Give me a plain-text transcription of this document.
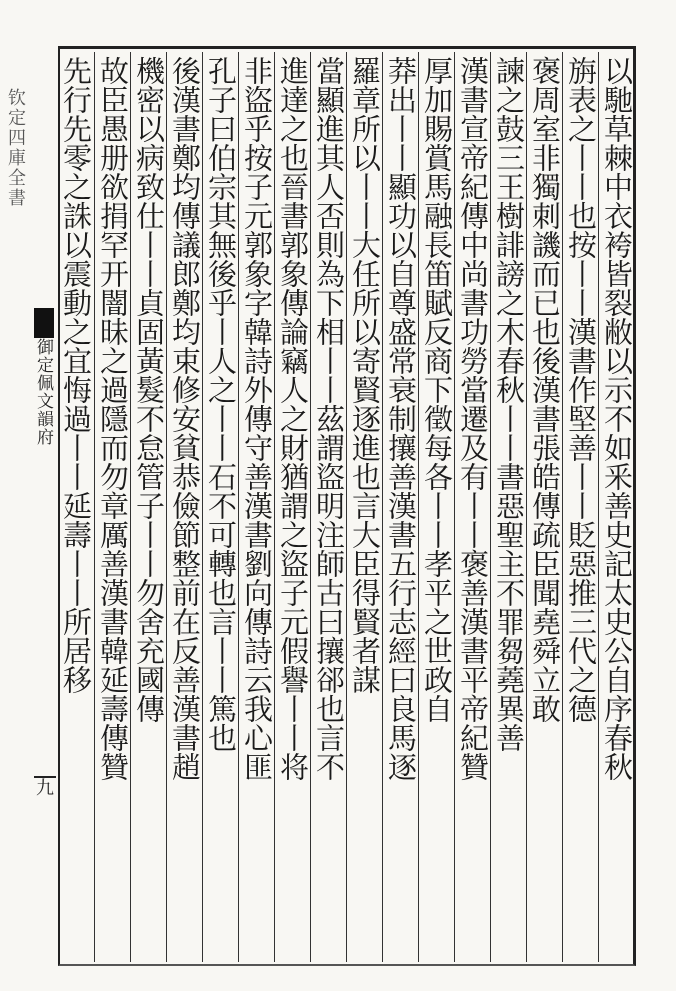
钦定四庫全書
御定佩文韻府
九
以馳草棘中衣袴皆裂敝以示不如釆善史記太史公自序春秋
旃表之丨丨也按丨丨漢書作堅善丨丨貶惡推三代之德
褒周室非獨刺譏而已也後漢書張皓傳疏臣聞堯舜立敢
諫之鼓三王樹誹謗之木春秋丨丨書惡聖主不罪芻蕘異善
漢書宣帝紀傳中尚書功勞當遷及有丨丨褒善漢書平帝紀贊
厚加賜賞馬融長笛賦反商下徵每各丨丨孝平之世政自
莽出丨丨顯功以自尊盛常衰制攘善漢書五行志經曰良馬逐
羅章所以丨丨大任所以寄賢逐進也言大臣得賢者謀
當顯進其人否則為下相丨丨茲謂盜明注師古曰攘郤也言不
進達之也晉書郭象傳論竊人之財猶謂之盜子元假譽丨丨将
非盜乎按子元郭象字韓詩外傳守善漢書劉向傳詩云我心匪
孔子曰伯宗其無後乎丨人之丨丨石不可轉也言丨丨篤也
後漢書鄭均傳議郎鄭均束修安貧恭儉節整前在反善漢書趙
機密以病致仕丨丨貞固黃髮不怠管子丨丨勿舍充國傳
故臣愚册欲捐罕开闇昧之過隱而勿章厲善漢書韓延壽傳贊
先行先零之誅以震動之宜悔過丨丨延壽丨丨所居移
